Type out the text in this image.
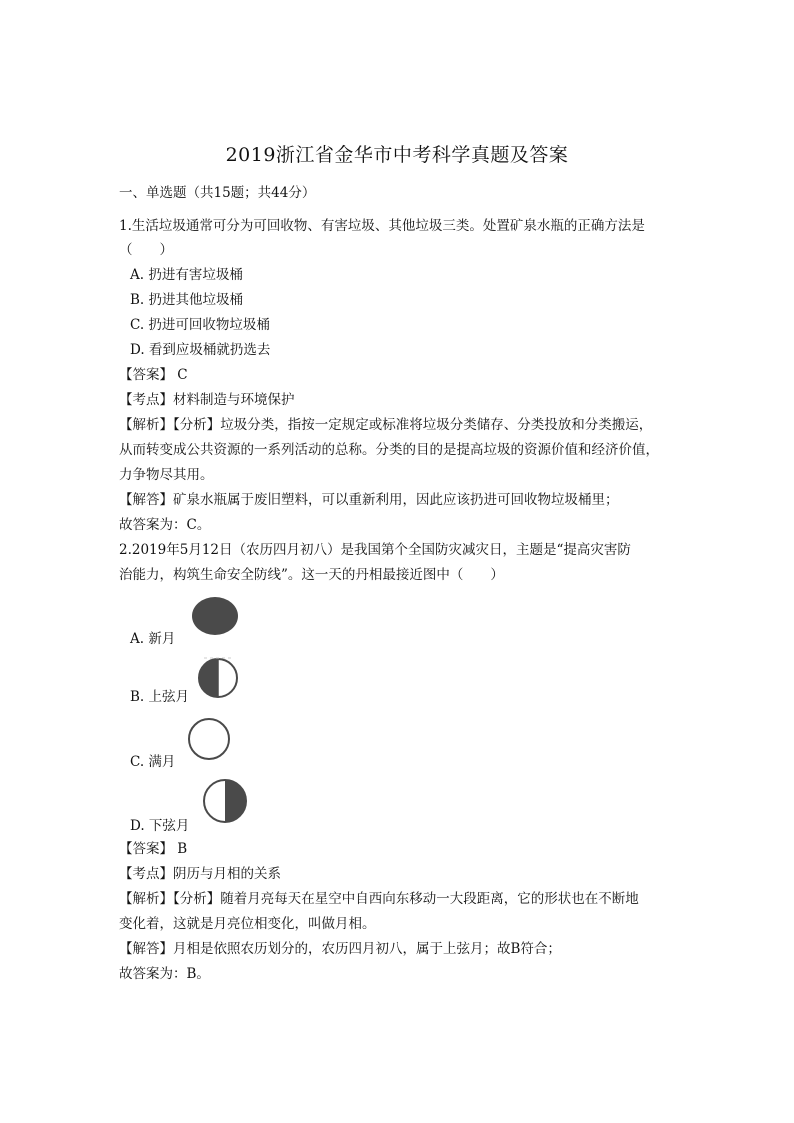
2019浙江省金华市中考科学真题及答案
一、单选题（共15题；共44分）
1.生活垃圾通常可分为可回收物、有害垃圾、其他垃圾三类。处置矿泉水瓶的正确方法是
（　　）
A. 扔进有害垃圾桶
B. 扔进其他垃圾桶
C. 扔进可回收物垃圾桶
D. 看到应圾桶就扔选去
【答案】 C
【考点】材料制造与环境保护
【解析】【分析】垃圾分类，指按一定规定或标准将垃圾分类储存、分类投放和分类搬运，
从而转变成公共资源的一系列活动的总称。分类的目的是提高垃圾的资源价值和经济价值，
力争物尽其用。
【解答】矿泉水瓶属于废旧塑料，可以重新利用，因此应该扔进可回收物垃圾桶里；
故答案为：C。
2.2019年5月12日（农历四月初八）是我国第个全国防灾减灾日，主题是“提高灾害防
治能力，构筑生命安全防线”。这一天的丹相最接近图中（　　）
A. 新月
B. 上弦月
C. 满月
D. 下弦月
【答案】 B
【考点】阴历与月相的关系
【解析】【分析】随着月亮每天在星空中自西向东移动一大段距离，它的形状也在不断地
变化着，这就是月亮位相变化，叫做月相。
【解答】月相是依照农历划分的，农历四月初八，属于上弦月；故B符合；
故答案为：B。
